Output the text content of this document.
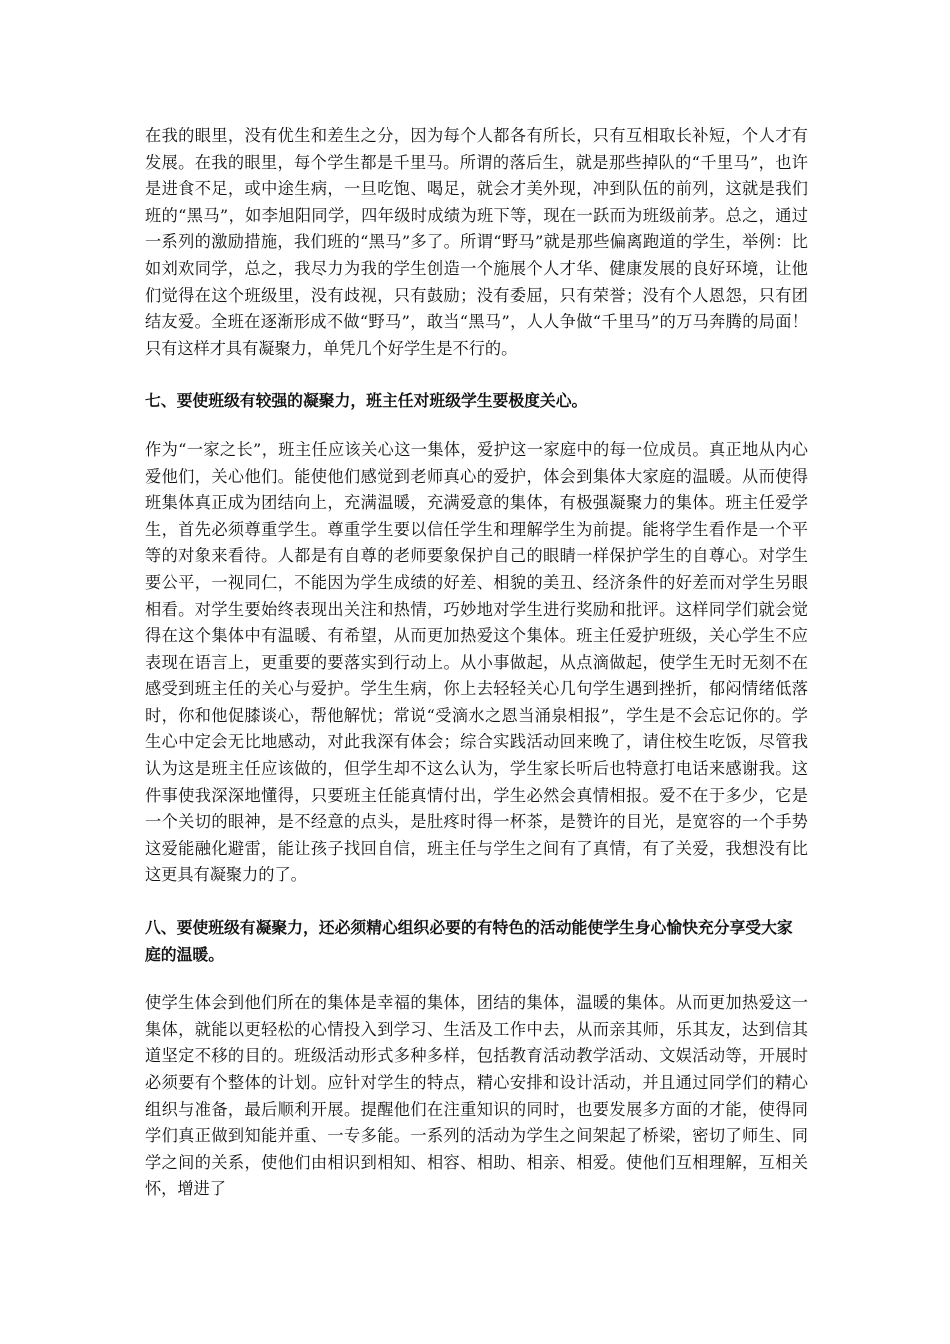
在我的眼里，没有优生和差生之分，因为每个人都各有所长，只有互相取长补短，个人才有发展。在我的眼里，每个学生都是千里马。所谓的落后生，就是那些掉队的“千里马”，也许是进食不足，或中途生病，一旦吃饱、喝足，就会才美外现，冲到队伍的前列，这就是我们班的“黑马”，如李旭阳同学，四年级时成绩为班下等，现在一跃而为班级前茅。总之，通过一系列的激励措施，我们班的“黑马”多了。所谓“野马”就是那些偏离跑道的学生，举例：比如刘欢同学，总之，我尽力为我的学生创造一个施展个人才华、健康发展的良好环境，让他们觉得在这个班级里，没有歧视，只有鼓励；没有委屈，只有荣誉；没有个人恩怨，只有团结友爱。全班在逐渐形成不做“野马”，敢当“黑马”，人人争做“千里马”的万马奔腾的局面！只有这样才具有凝聚力，单凭几个好学生是不行的。

七、要使班级有较强的凝聚力，班主任对班级学生要极度关心。

作为“一家之长”，班主任应该关心这一集体，爱护这一家庭中的每一位成员。真正地从内心爱他们，关心他们。能使他们感觉到老师真心的爱护，体会到集体大家庭的温暖。从而使得班集体真正成为团结向上，充满温暖，充满爱意的集体，有极强凝聚力的集体。班主任爱学生，首先必须尊重学生。尊重学生要以信任学生和理解学生为前提。能将学生看作是一个平等的对象来看待。人都是有自尊的老师要象保护自己的眼睛一样保护学生的自尊心。对学生要公平，一视同仁，不能因为学生成绩的好差、相貌的美丑、经济条件的好差而对学生另眼相看。对学生要始终表现出关注和热情，巧妙地对学生进行奖励和批评。这样同学们就会觉得在这个集体中有温暖、有希望，从而更加热爱这个集体。班主任爱护班级，关心学生不应表现在语言上，更重要的要落实到行动上。从小事做起，从点滴做起，使学生无时无刻不在感受到班主任的关心与爱护。学生生病，你上去轻轻关心几句学生遇到挫折，郁闷情绪低落时，你和他促膝谈心，帮他解忧；常说“受滴水之恩当涌泉相报”，学生是不会忘记你的。学生心中定会无比地感动，对此我深有体会；综合实践活动回来晚了，请住校生吃饭，尽管我认为这是班主任应该做的，但学生却不这么认为，学生家长听后也特意打电话来感谢我。这件事使我深深地懂得，只要班主任能真情付出，学生必然会真情相报。爱不在于多少，它是一个关切的眼神，是不经意的点头，是肚疼时得一杯茶，是赞许的目光，是宽容的一个手势这爱能融化避雷，能让孩子找回自信，班主任与学生之间有了真情，有了关爱，我想没有比这更具有凝聚力的了。

八、要使班级有凝聚力，还必须精心组织必要的有特色的活动能使学生身心愉快充分享受大家庭的温暖。

使学生体会到他们所在的集体是幸福的集体，团结的集体，温暖的集体。从而更加热爱这一集体，就能以更轻松的心情投入到学习、生活及工作中去，从而亲其师，乐其友，达到信其道坚定不移的目的。班级活动形式多种多样，包括教育活动教学活动、文娱活动等，开展时必须要有个整体的计划。应针对学生的特点，精心安排和设计活动，并且通过同学们的精心组织与准备，最后顺利开展。提醒他们在注重知识的同时，也要发展多方面的才能，使得同学们真正做到知能并重、一专多能。一系列的活动为学生之间架起了桥梁，密切了师生、同学之间的关系，使他们由相识到相知、相容、相助、相亲、相爱。使他们互相理解，互相关怀，增进了
